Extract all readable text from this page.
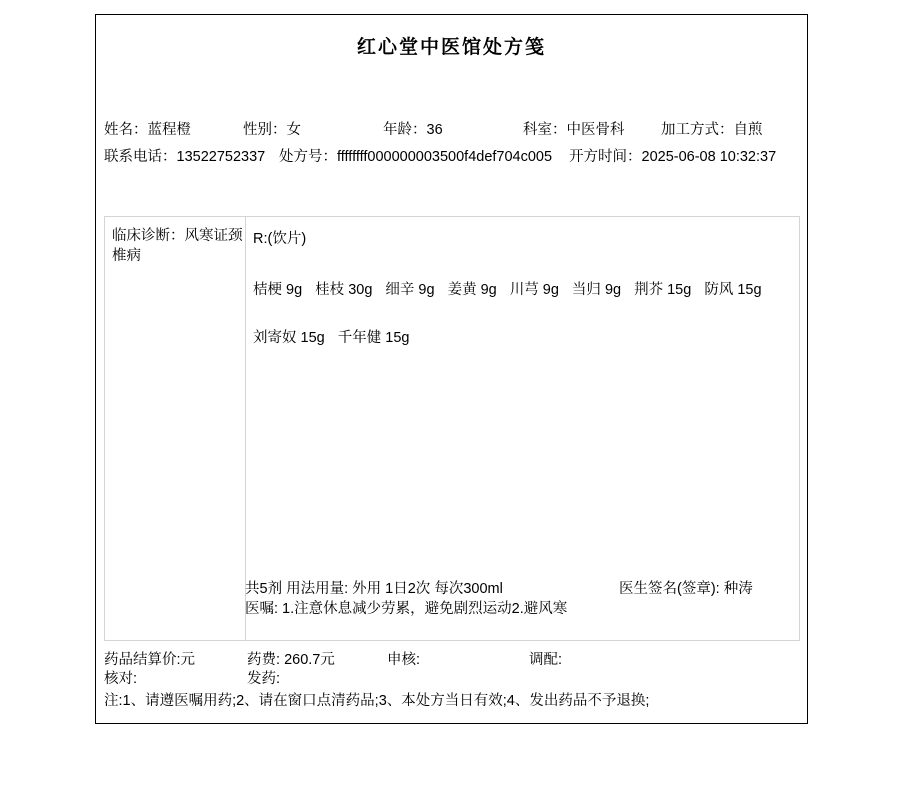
红心堂中医馆处方笺
姓名：蓝程橙	性别：女	年龄：36	科室：中医骨科	加工方式：自煎
联系电话：13522752337 处方号：ffffffff000000003500f4def704c005 开方时间：2025-06-08 10:32:37
临床诊断：风寒证颈椎病
R:(饮片)
桔梗 9g 桂枝 30g 细辛 9g 姜黄 9g 川芎 9g 当归 9g 荆芥 15g 防风 15g
刘寄奴 15g 千年健 15g
共5剂 用法用量: 外用 1日2次 每次300ml
医嘱: 1.注意休息减少劳累，避免剧烈运动2.避风寒
医生签名(签章): 种涛
药品结算价:元	药费: 260.7元	申核:	调配:
核对:	发药:
注:1、请遵医嘱用药;2、请在窗口点清药品;3、本处方当日有效;4、发出药品不予退换;
